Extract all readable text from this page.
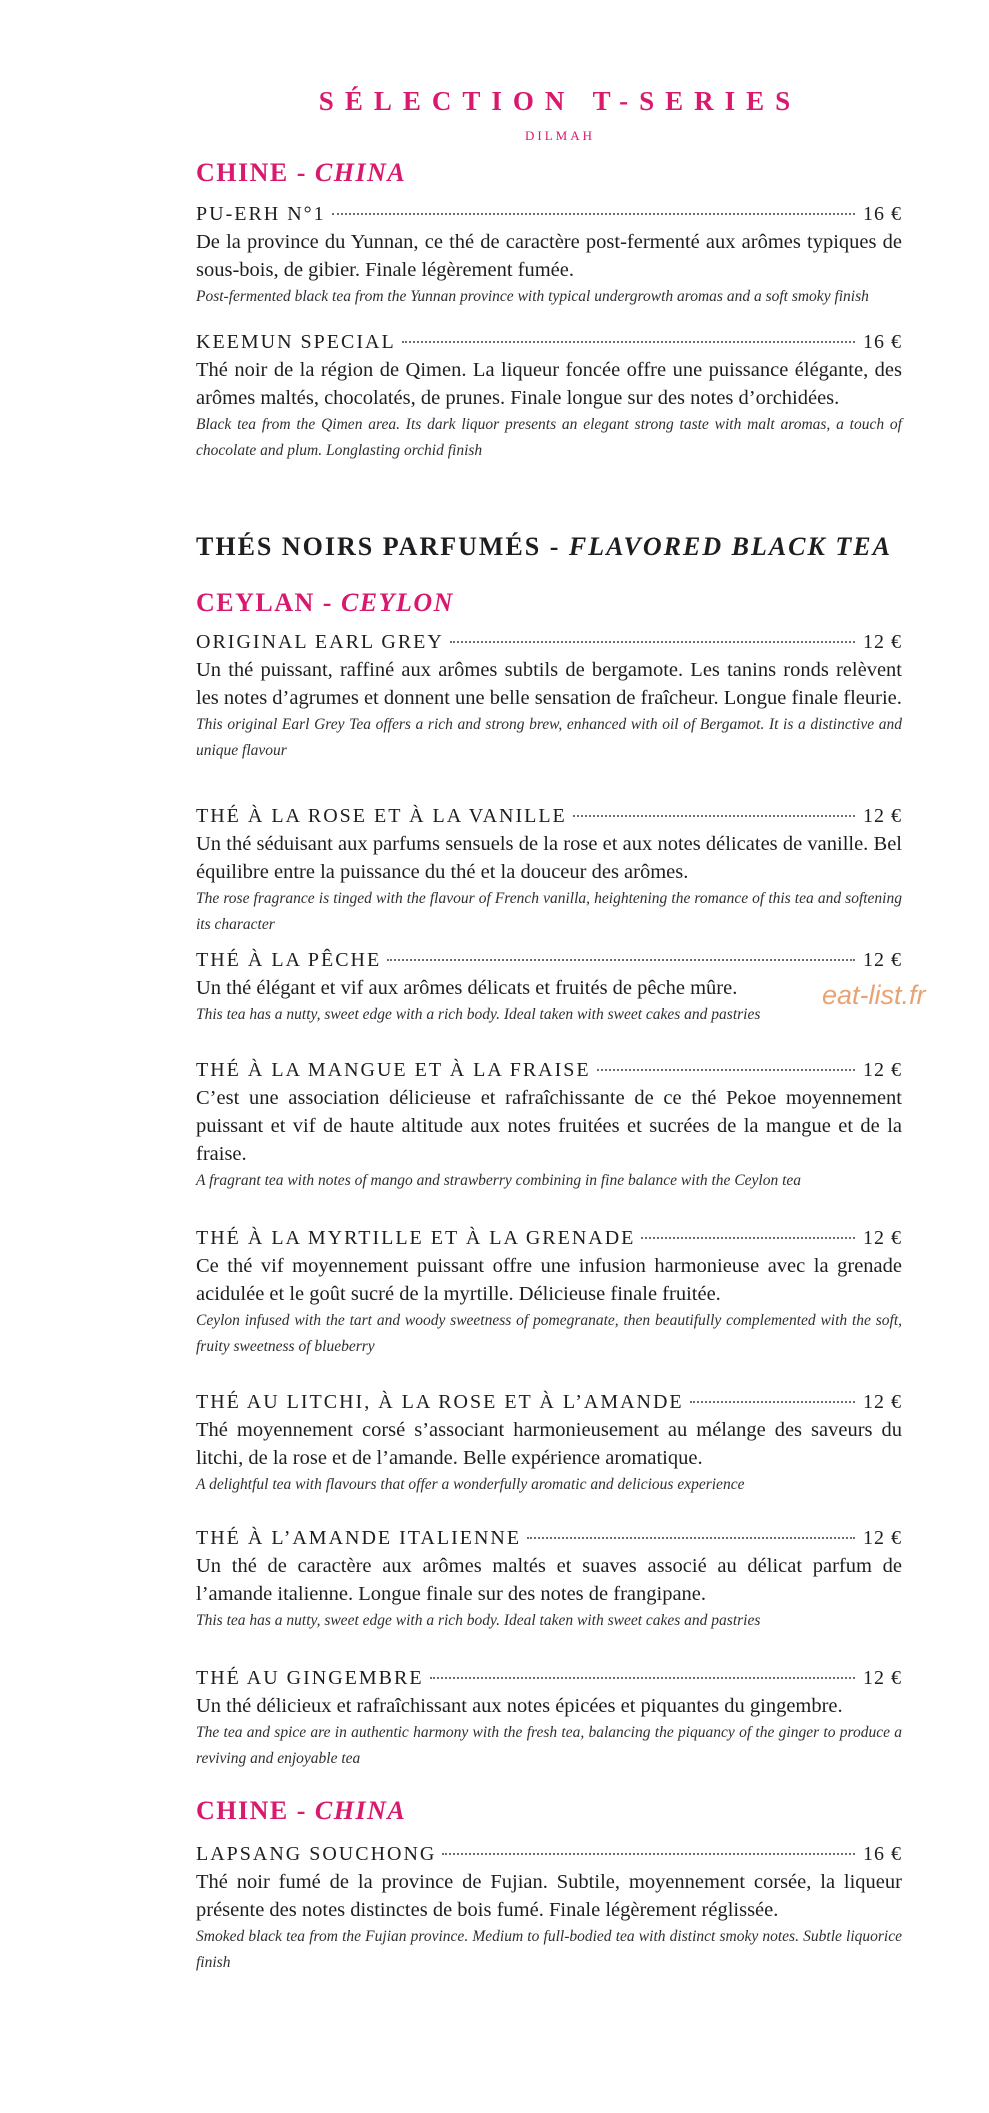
SÉLECTION T-SERIES
DILMAH
CHINE - CHINA
PU-ERH N°1	16 €

De la province du Yunnan, ce thé de caractère post-fermenté aux arômes typiques de sous-bois, de gibier. Finale légèrement fumée.

Post-fermented black tea from the Yunnan province with typical undergrowth aromas and a soft smoky finish

KEEMUN SPECIAL	16 €

Thé noir de la région de Qimen. La liqueur foncée offre une puissance élégante, des arômes maltés, chocolatés, de prunes. Finale longue sur des notes d’orchidées.

Black tea from the Qimen area. Its dark liquor presents an elegant strong taste with malt aromas, a touch of chocolate and plum. Longlasting orchid finish

THÉS NOIRS PARFUMÉS - FLAVORED BLACK TEA
CEYLAN - CEYLON
ORIGINAL EARL GREY	12 €

Un thé puissant, raffiné aux arômes subtils de bergamote. Les tanins ronds relèvent les notes d’agrumes et donnent une belle sensation de fraîcheur. Longue finale fleurie.

This original Earl Grey Tea offers a rich and strong brew, enhanced with oil of Bergamot. It is a distinctive and unique flavour

THÉ À LA ROSE ET À LA VANILLE	12 €

Un thé séduisant aux parfums sensuels de la rose et aux notes délicates de vanille. Bel équilibre entre la puissance du thé et la douceur des arômes.

The rose fragrance is tinged with the flavour of French vanilla, heightening the romance of this tea and softening its character

THÉ À LA PÊCHE	12 €

Un thé élégant et vif aux arômes délicats et fruités de pêche mûre.

This tea has a nutty, sweet edge with a rich body. Ideal taken with sweet cakes and pastries

THÉ À LA MANGUE ET À LA FRAISE	12 €

C’est une association délicieuse et rafraîchissante de ce thé Pekoe moyennement puissant et vif de haute altitude aux notes fruitées et sucrées de la mangue et de la fraise.

A fragrant tea with notes of mango and strawberry combining in fine balance with the Ceylon tea

THÉ À LA MYRTILLE ET À LA GRENADE	12 €

Ce thé vif moyennement puissant offre une infusion harmonieuse avec la grenade acidulée et le goût sucré de la myrtille. Délicieuse finale fruitée.

Ceylon infused with the tart and woody sweetness of pomegranate, then beautifully complemented with the soft, fruity sweetness of blueberry

THÉ AU LITCHI, À LA ROSE ET À L’AMANDE	12 €

Thé moyennement corsé s’associant harmonieusement au mélange des saveurs du litchi, de la rose et de l’amande. Belle expérience aromatique.

A delightful tea with flavours that offer a wonderfully aromatic and delicious experience

THÉ À L’AMANDE ITALIENNE	12 €

Un thé de caractère aux arômes maltés et suaves associé au délicat parfum de l’amande italienne. Longue finale sur des notes de frangipane.

This tea has a nutty, sweet edge with a rich body. Ideal taken with sweet cakes and pastries

THÉ AU GINGEMBRE	12 €

Un thé délicieux et rafraîchissant aux notes épicées et piquantes du gingembre.

The tea and spice are in authentic harmony with the fresh tea, balancing the piquancy of the ginger to produce a reviving and enjoyable tea

CHINE - CHINA
LAPSANG SOUCHONG	16 €

Thé noir fumé de la province de Fujian. Subtile, moyennement corsée, la liqueur présente des notes distinctes de bois fumé. Finale légèrement réglissée.

Smoked black tea from the Fujian province. Medium to full-bodied tea with distinct smoky notes. Subtle liquorice finish

eat-list.fr
